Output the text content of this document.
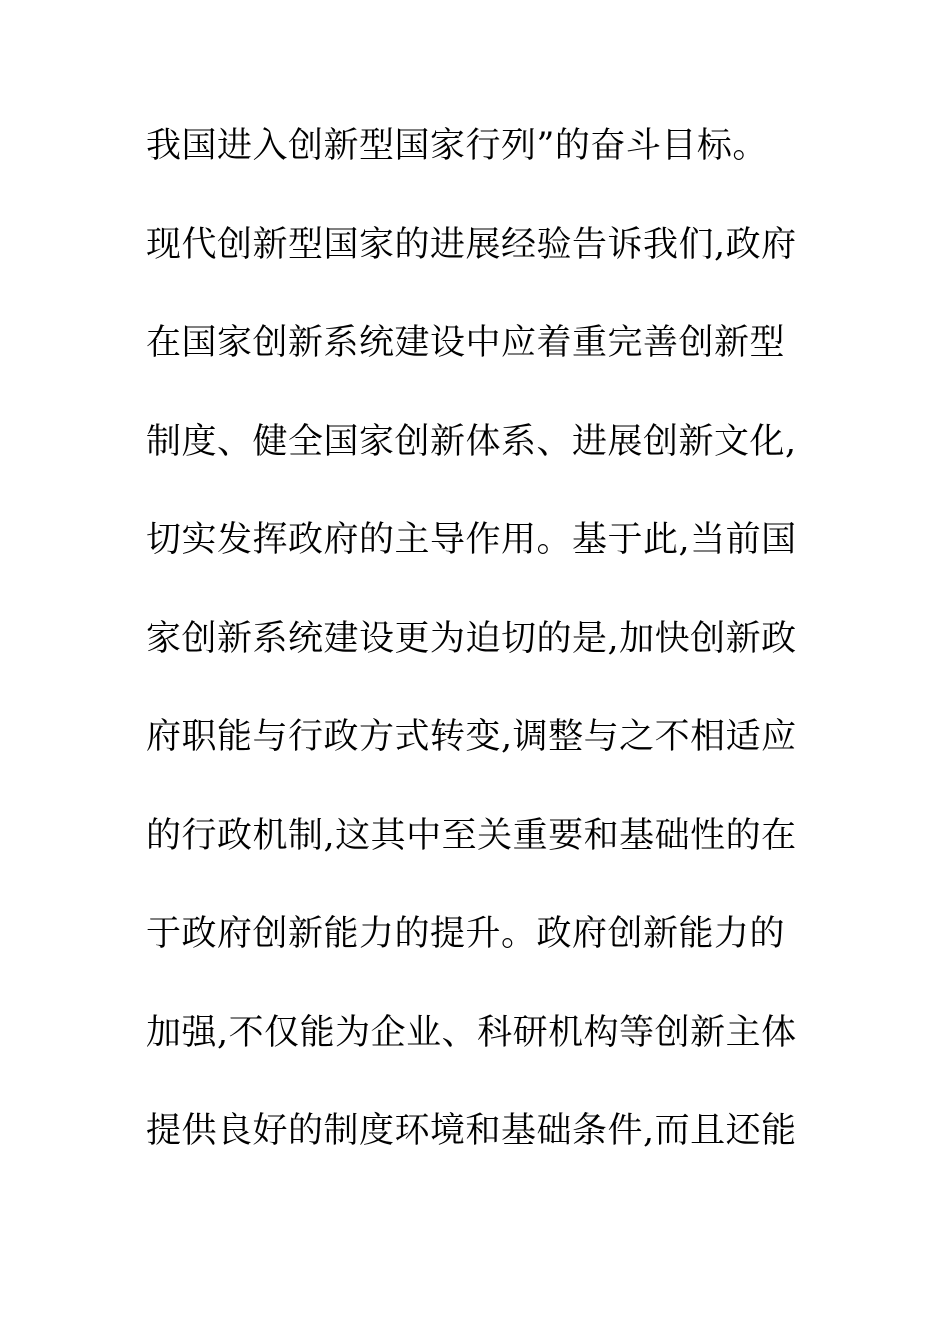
我国进入创新型国家行列”的奋斗目标。
现代创新型国家的进展经验告诉我们,政府
在国家创新系统建设中应着重完善创新型
制度、健全国家创新体系、进展创新文化,
切实发挥政府的主导作用。基于此,当前国
家创新系统建设更为迫切的是,加快创新政
府职能与行政方式转变,调整与之不相适应
的行政机制,这其中至关重要和基础性的在
于政府创新能力的提升。政府创新能力的
加强,不仅能为企业、科研机构等创新主体
提供良好的制度环境和基础条件,而且还能
